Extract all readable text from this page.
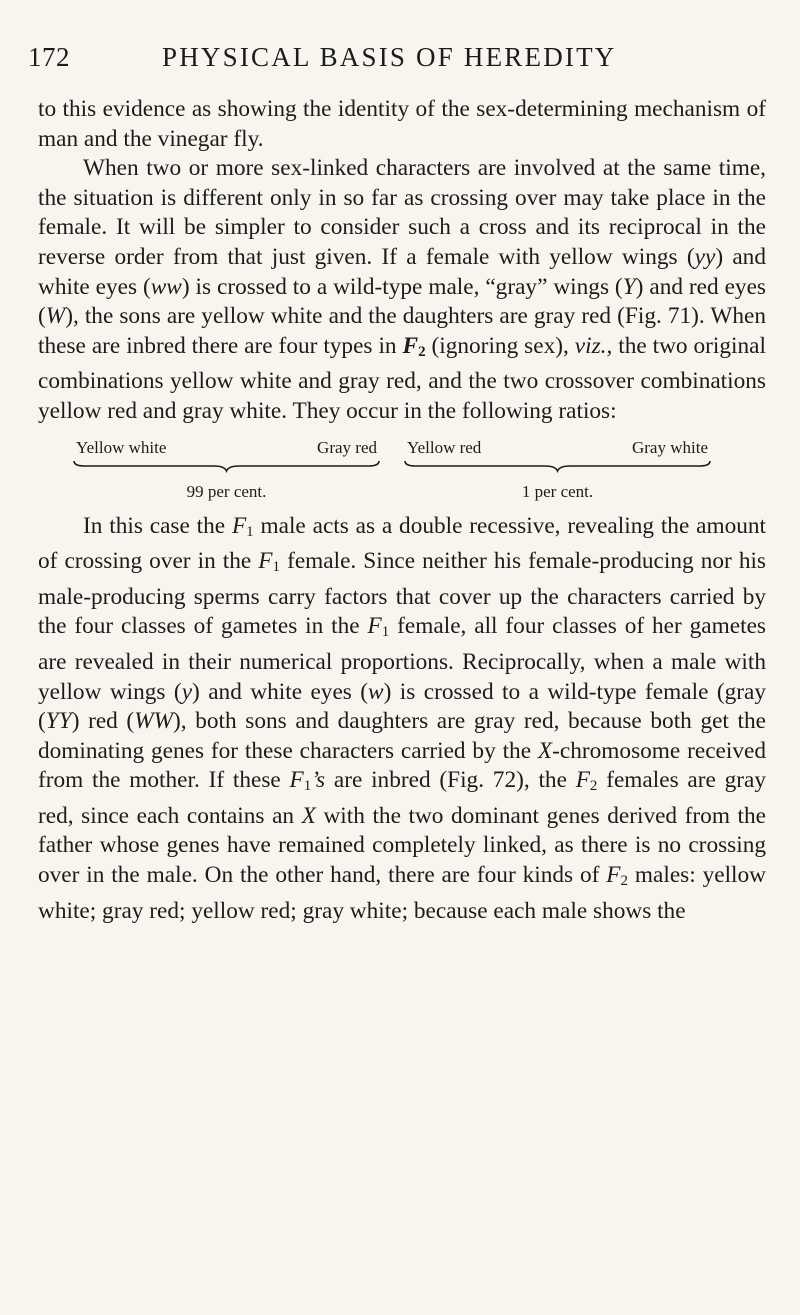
172	PHYSICAL BASIS OF HEREDITY

to this evidence as showing the identity of the sex-determining mechanism of man and the vinegar fly.

When two or more sex-linked characters are involved at the same time, the situation is different only in so far as crossing over may take place in the female. It will be simpler to consider such a cross and its reciprocal in the reverse order from that just given. If a female with yellow wings (yy) and white eyes (ww) is crossed to a wild-type male, “gray” wings (Y) and red eyes (W), the sons are yellow white and the daughters are gray red (Fig. 71). When these are inbred there are four types in $F_2$ (ignoring sex), viz., the two original combinations yellow white and gray red, and the two crossover combinations yellow red and gray white. They occur in the following ratios:

Yellow white	Gray red
99 per cent.
Yellow red	Gray white
1 per cent.

In this case the $F_1$ male acts as a double recessive, revealing the amount of crossing over in the $F_1$ female. Since neither his female-producing nor his male-producing sperms carry factors that cover up the characters carried by the four classes of gametes in the $F_1$ female, all four classes of her gametes are revealed in their numerical proportions. Reciprocally, when a male with yellow wings (y) and white eyes (w) is crossed to a wild-type female (gray (YY) red (WW), both sons and daughters are gray red, because both get the dominating genes for these characters carried by the X-chromosome received from the mother. If these $F_1’s$ are inbred (Fig. 72), the $F_2$ females are gray red, since each contains an X with the two dominant genes derived from the father whose genes have remained completely linked, as there is no crossing over in the male. On the other hand, there are four kinds of $F_2$ males: yellow white; gray red; yellow red; gray white; because each male shows the
